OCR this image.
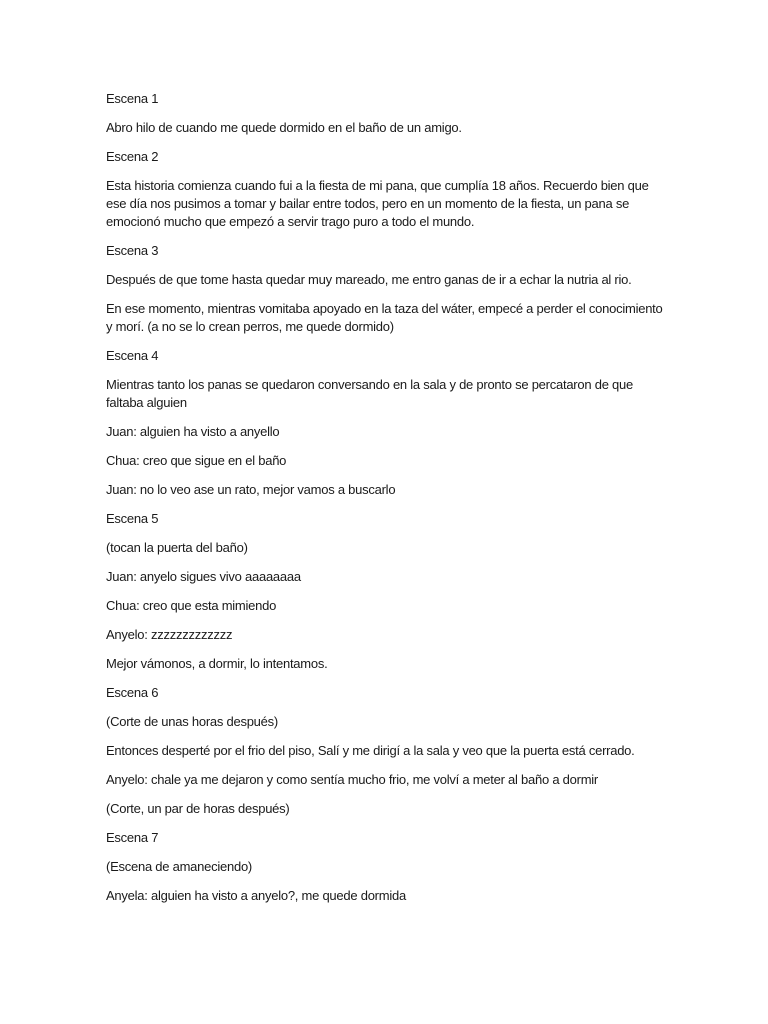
Escena 1

Abro hilo de cuando me quede dormido en el baño de un amigo.

Escena 2

Esta historia comienza cuando fui a la fiesta de mi pana, que cumplía 18 años. Recuerdo bien que ese día nos pusimos a tomar y bailar entre todos, pero en un momento de la fiesta, un pana se emocionó mucho que empezó a servir trago puro a todo el mundo.

Escena 3

Después de que tome hasta quedar muy mareado, me entro ganas de ir a echar la nutria al rio.

En ese momento, mientras vomitaba apoyado en la taza del wáter, empecé a perder el conocimiento y morí. (a no se lo crean perros, me quede dormido)

Escena 4

Mientras tanto los panas se quedaron conversando en la sala y de pronto se percataron de que faltaba alguien

Juan: alguien ha visto a anyello

Chua: creo que sigue en el baño

Juan: no lo veo ase un rato, mejor vamos a buscarlo

Escena 5

(tocan la puerta del baño)

Juan: anyelo sigues vivo aaaaaaaa

Chua: creo que esta mimiendo

Anyelo: zzzzzzzzzzzzz

Mejor vámonos, a dormir, lo intentamos.

Escena 6

(Corte de unas horas después)

Entonces desperté por el frio del piso, Salí y me dirigí a la sala y veo que la puerta está cerrado.

Anyelo: chale ya me dejaron y como sentía mucho frio, me volví a meter al baño a dormir

(Corte, un par de horas después)

Escena 7

(Escena de amaneciendo)

Anyela: alguien ha visto a anyelo?, me quede dormida
